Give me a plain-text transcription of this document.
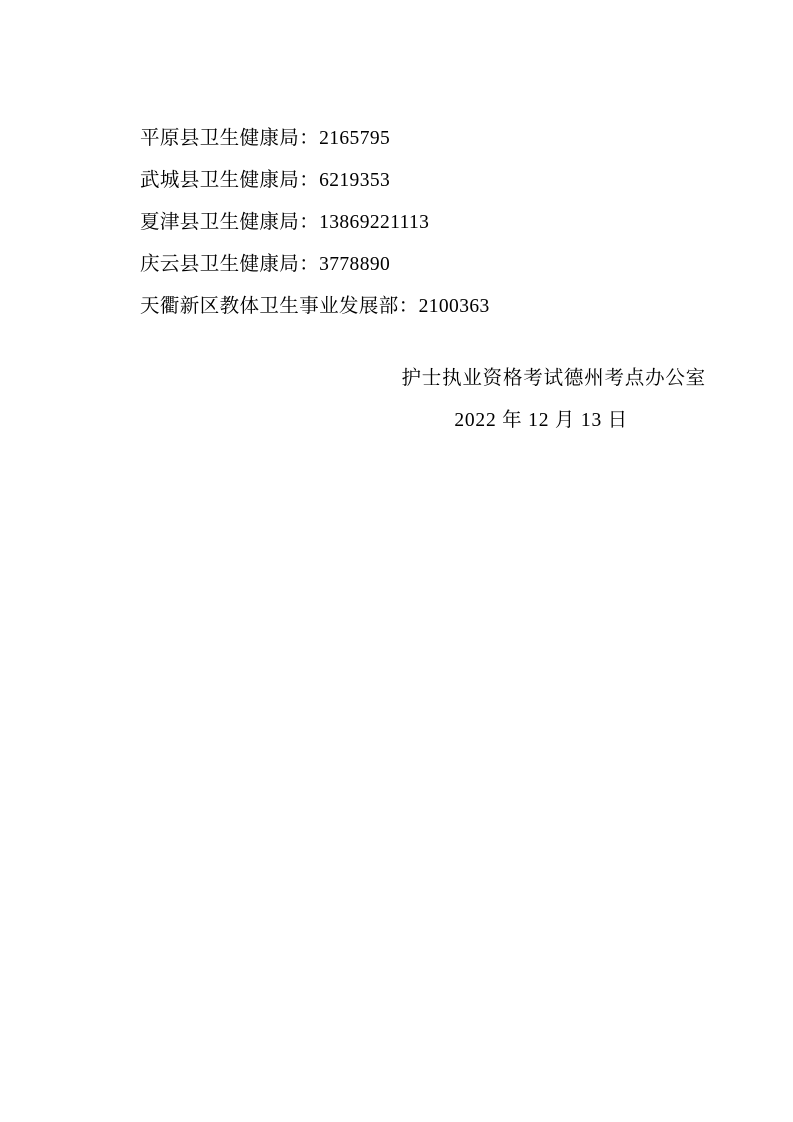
平原县卫生健康局：2165795
武城县卫生健康局：6219353
夏津县卫生健康局：13869221113
庆云县卫生健康局：3778890
天衢新区教体卫生事业发展部：2100363
护士执业资格考试德州考点办公室
2022 年 12 月 13 日
